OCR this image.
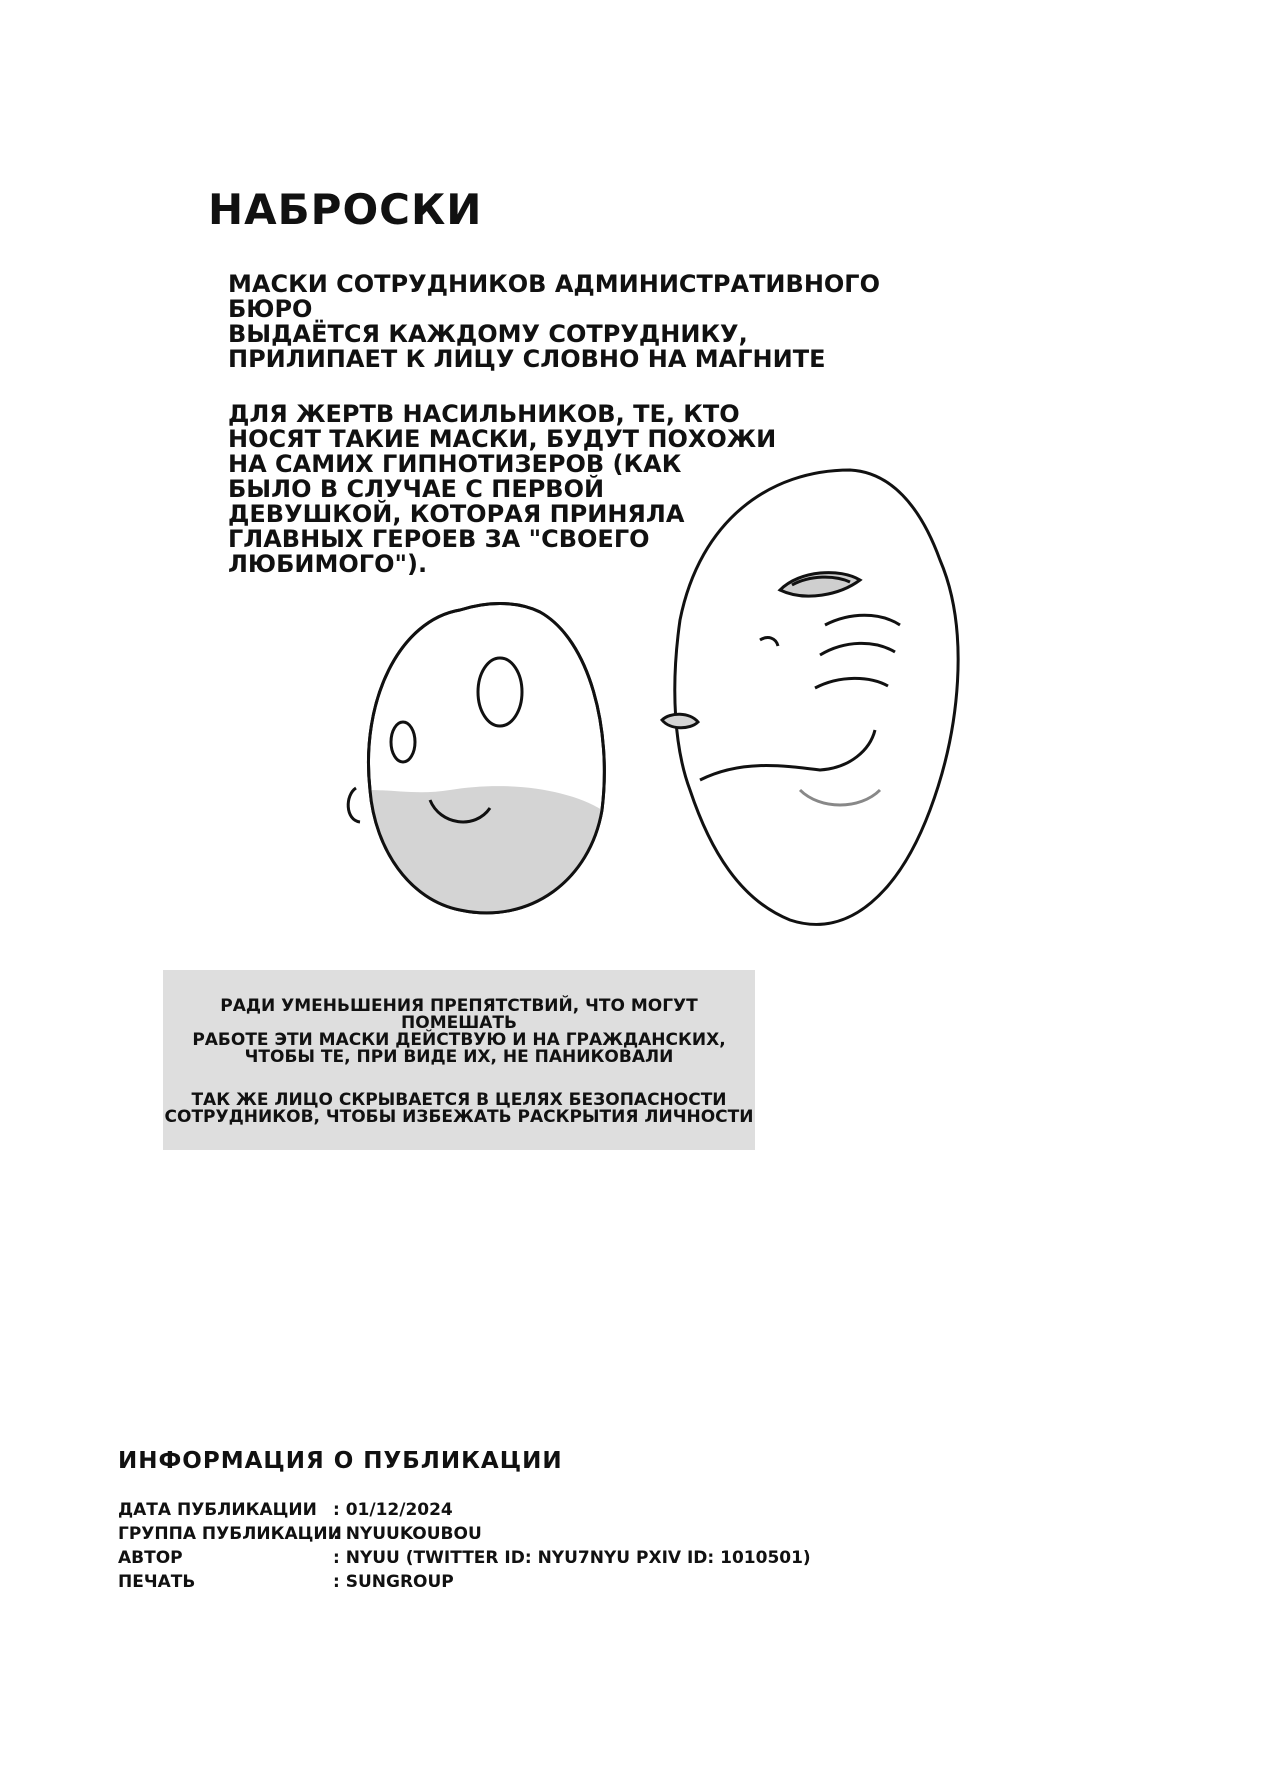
НАБРОСКИ
МАСКИ СОТРУДНИКОВ АДМИНИСТРАТИВНОГО БЮРО
ВЫДАЁТСЯ КАЖДОМУ СОТРУДНИКУ,
ПРИЛИПАЕТ К ЛИЦУ СЛОВНО НА МАГНИТЕ
ДЛЯ ЖЕРТВ НАСИЛЬНИКОВ, ТЕ, КТО
НОСЯТ ТАКИЕ МАСКИ, БУДУТ ПОХОЖИ
НА САМИХ ГИПНОТИЗЕРОВ (КАК
БЫЛО В СЛУЧАЕ С ПЕРВОЙ
ДЕВУШКОЙ, КОТОРАЯ ПРИНЯЛА
ГЛАВНЫХ ГЕРОЕВ ЗА "СВОЕГО
ЛЮБИМОГО").
РАДИ УМЕНЬШЕНИЯ ПРЕПЯТСТВИЙ, ЧТО МОГУТ ПОМЕШАТЬ
РАБОТЕ ЭТИ МАСКИ ДЕЙСТВУЮ И НА ГРАЖДАНСКИХ,
ЧТОБЫ ТЕ, ПРИ ВИДЕ ИХ, НЕ ПАНИКОВАЛИ
ТАК ЖЕ ЛИЦО СКРЫВАЕТСЯ В ЦЕЛЯХ БЕЗОПАСНОСТИ
СОТРУДНИКОВ, ЧТОБЫ ИЗБЕЖАТЬ РАСКРЫТИЯ ЛИЧНОСТИ
ИНФОРМАЦИЯ О ПУБЛИКАЦИИ
ДАТА ПУБЛИКАЦИИ	: 01/12/2024
ГРУППА ПУБЛИКАЦИИ : NYUUKOUBOU
АВТОР	: NYUU (TWITTER ID: NYU7NYU PXIV ID: 1010501)
ПЕЧАТЬ	: SUNGROUP
